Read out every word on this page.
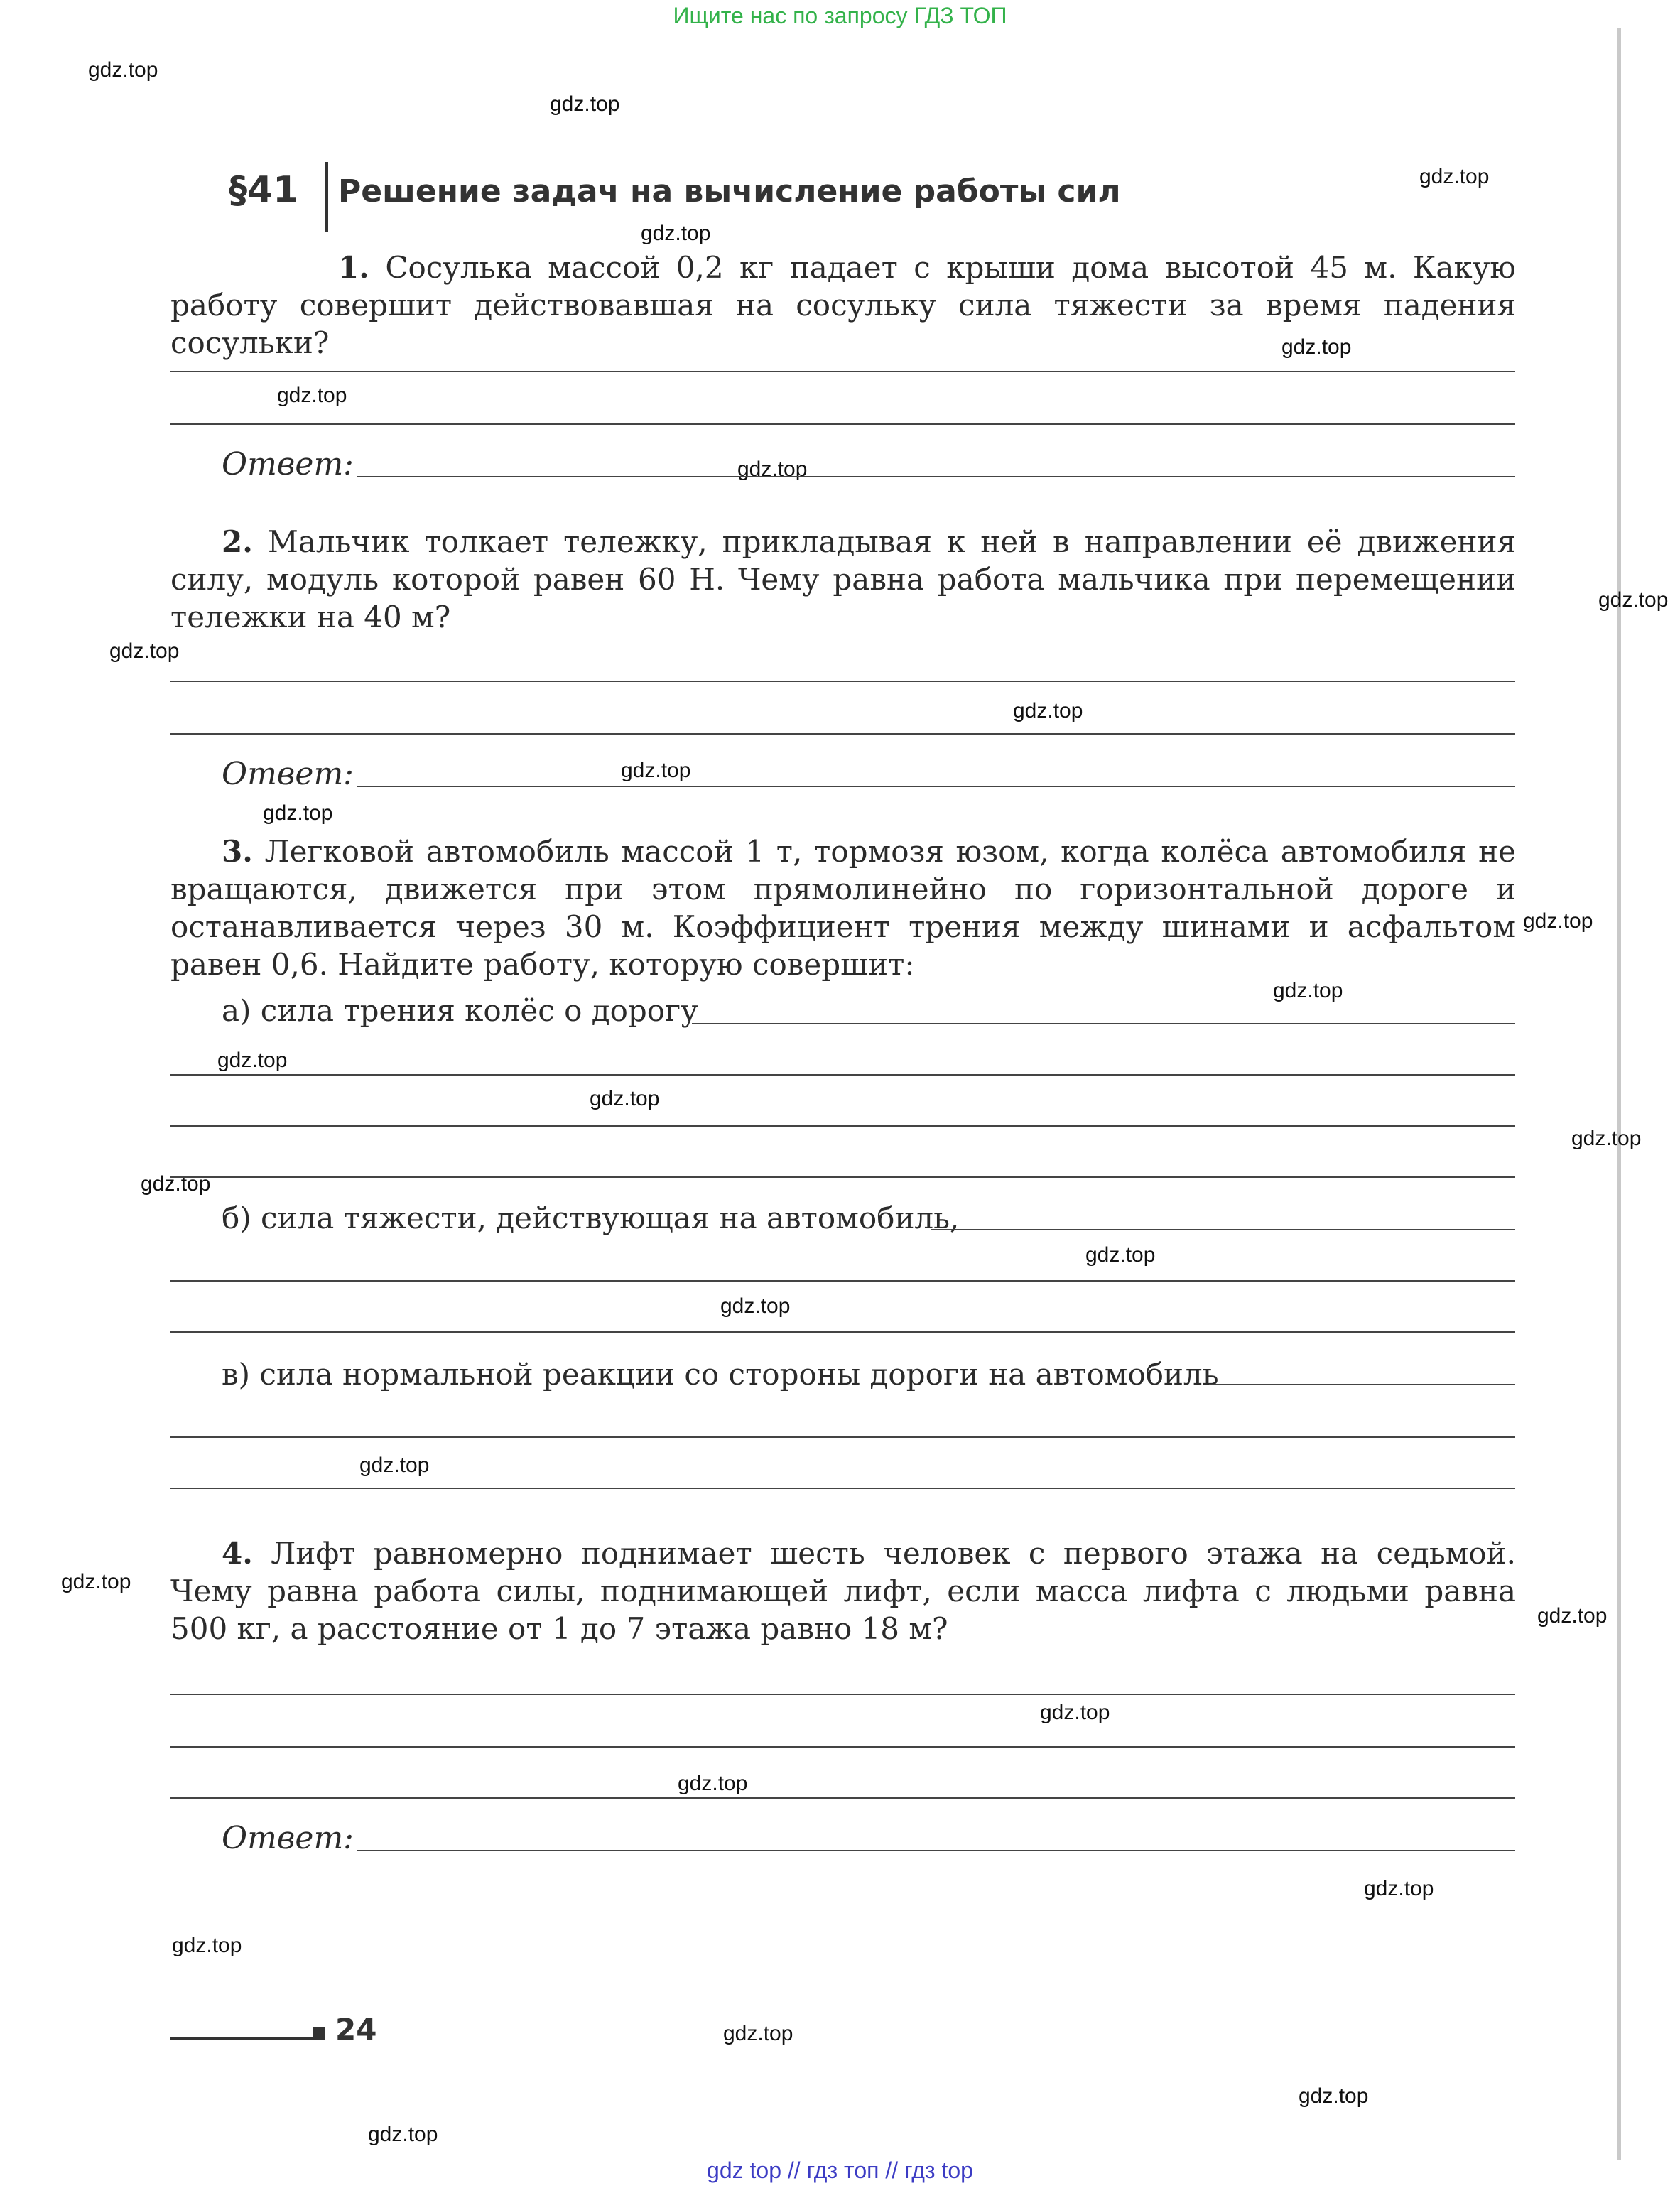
Ищите нас по запросу ГДЗ ТОП
gdz.top
gdz.top
gdz.top
gdz.top
gdz.top
gdz.top
gdz.top
gdz.top
gdz.top
gdz.top
gdz.top
gdz.top
gdz.top
gdz.top
gdz.top
gdz.top
gdz.top
gdz.top
gdz.top
gdz.top
gdz.top
gdz.top
gdz.top
gdz.top
gdz.top
gdz.top
gdz.top
gdz.top
gdz.top
gdz.top
§41 Решение задач на вычисление работы сил
1. Сосулька массой 0,2 кг падает с крыши дома высотой 45 м. Какую работу совершит действовавшая на сосульку сила тяжести за время падения сосульки?
Ответ:
2. Мальчик толкает тележку, прикладывая к ней в направлении её движения силу, модуль которой равен 60 Н. Чему равна работа мальчика при перемещении тележки на 40 м?
Ответ:
3. Легковой автомобиль массой 1 т, тормозя юзом, когда колёса автомобиля не вращаются, движется при этом прямолинейно по горизонтальной дороге и останавливается через 30 м. Коэффициент трения между шинами и асфальтом равен 0,6. Найдите работу, которую совершит:
а) сила трения колёс о дорогу
б) сила тяжести, действующая на автомобиль,
в) сила нормальной реакции со стороны дороги на автомобиль
4. Лифт равномерно поднимает шесть человек с первого этажа на седьмой. Чему равна работа силы, поднимающей лифт, если масса лифта с людьми равна 500 кг, а расстояние от 1 до 7 этажа равно 18 м?
Ответ:
24
gdz top // гдз топ // гдз top
